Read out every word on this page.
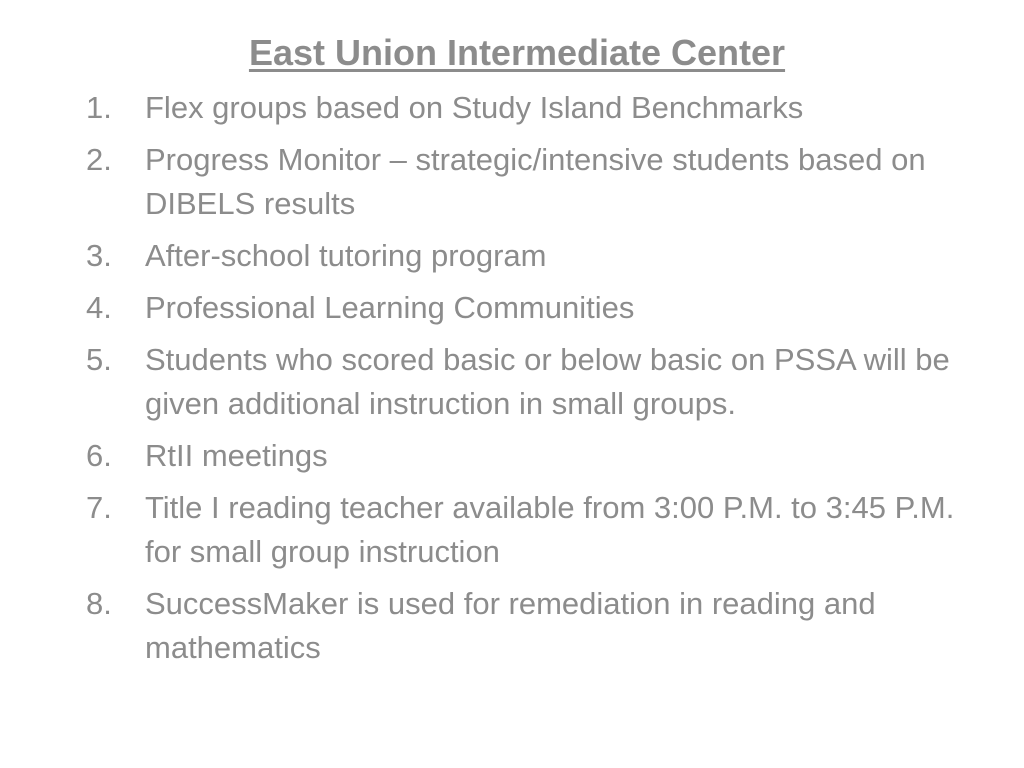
East Union Intermediate Center
1.	Flex groups based on Study Island Benchmarks
2.	Progress Monitor – strategic/intensive students based on DIBELS results
3.	After-school tutoring program
4.	Professional Learning Communities
5.	Students who scored basic or below basic on PSSA will be given additional instruction in small groups.
6.	RtII meetings
7.	Title I reading teacher available from 3:00 P.M. to 3:45 P.M. for small group instruction
8.	SuccessMaker is used for remediation in reading and mathematics
